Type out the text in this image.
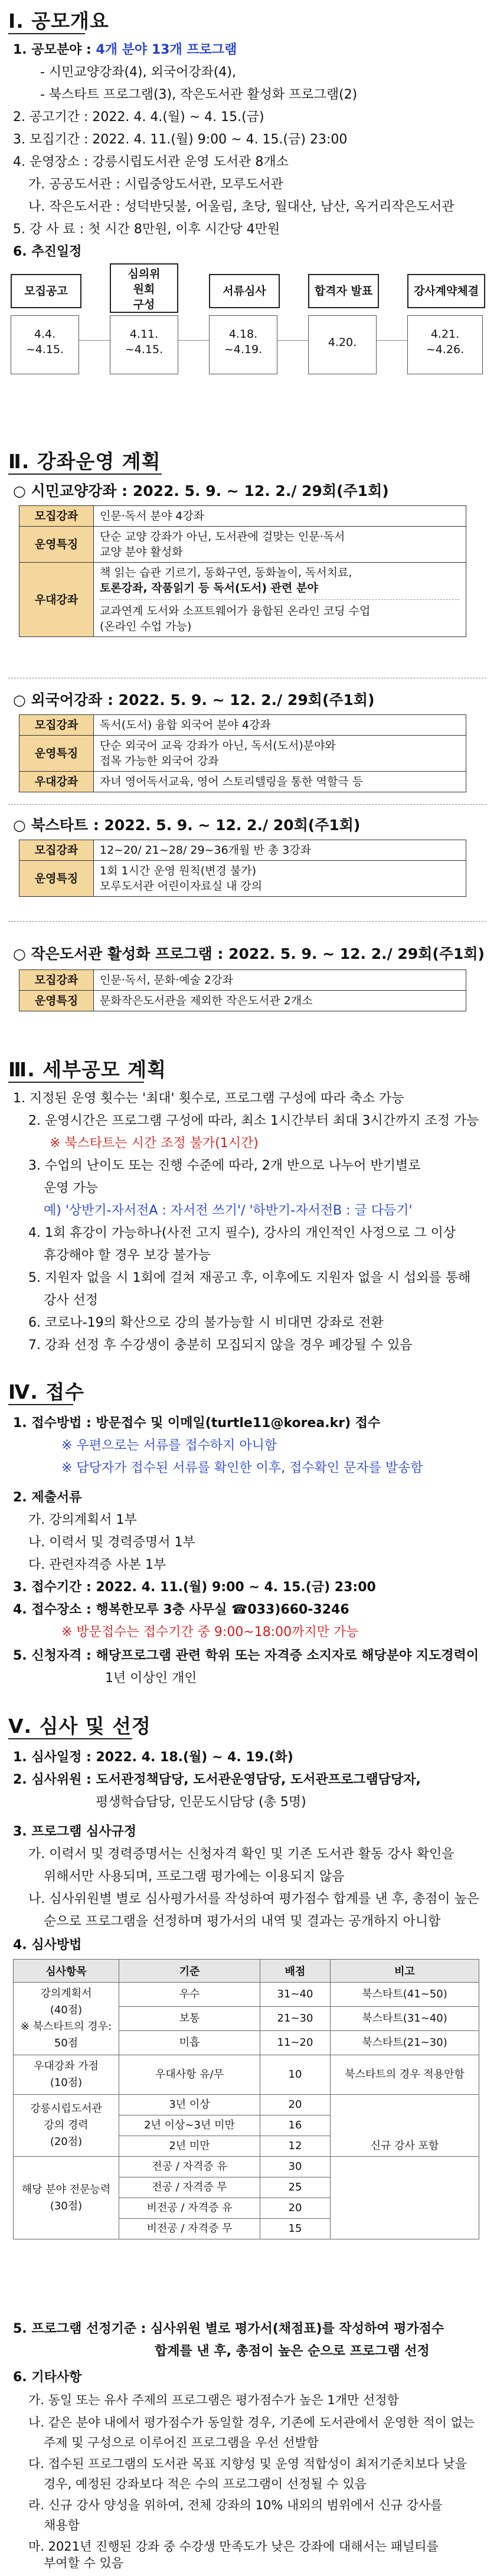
Ⅰ. 공모개요
1. 공모분야 : 4개 분야 13개 프로그램
- 시민교양강좌(4), 외국어강좌(4),
- 북스타트 프로그램(3), 작은도서관 활성화 프로그램(2)
2. 공고기간 : 2022. 4. 4.(월) ~ 4. 15.(금)
3. 모집기간 : 2022. 4. 11.(월) 9:00 ~ 4. 15.(금) 23:00
4. 운영장소 : 강릉시립도서관 운영 도서관 8개소
가. 공공도서관 : 시립중앙도서관, 모루도서관
나. 작은도서관 : 성덕반딧불, 어울림, 초당, 월대산, 남산, 옥거리작은도서관
5. 강 사 료 : 첫 시간 8만원, 이후 시간당 4만원
6. 추진일정
모집공고
4.4.
~4.15.
심의위
원회
구성
4.11.
~4.15.
서류심사
4.18.
~4.19.
합격자 발표
4.20.
강사계약체결
4.21.
~4.26.
Ⅱ. 강좌운영 계획
○ 시민교양강좌 : 2022. 5. 9. ~ 12. 2./ 29회(주1회)
모집강좌	인문·독서 분야 4강좌
운영특징	단순 교양 강좌가 아닌, 도서관에 걸맞는 인문·독서
교양 분야 활성화

우대강좌	책 읽는 습관 기르기, 동화구연, 동화놀이, 독서치료,
토론강좌, 작품읽기 등 독서(도서) 관련 분야
교과연계 도서와 소프트웨어가 융합된 온라인 코딩 수업
(온라인 수업 가능)
○ 외국어강좌 : 2022. 5. 9. ~ 12. 2./ 29회(주1회)
모집강좌	독서(도서) 융합 외국어 분야 4강좌
운영특징	단순 외국어 교육 강좌가 아닌, 독서(도서)분야와
접목 가능한 외국어 강좌

우대강좌	자녀 영어독서교육, 영어 스토리텔링을 통한 역할극 등
○ 북스타트 : 2022. 5. 9. ~ 12. 2./ 20회(주1회)
모집강좌	12~20/ 21~28/ 29~36개월 반 총 3강좌
운영특징	1회 1시간 운영 원칙(변경 불가)
모루도서관 어린이자료실 내 강의
○ 작은도서관 활성화 프로그램 : 2022. 5. 9. ~ 12. 2./ 29회(주1회)
모집강좌	인문·독서, 문화·예술 2강좌
운영특징	문화작은도서관을 제외한 작은도서관 2개소
Ⅲ. 세부공모 계획
1. 지정된 운영 횟수는 '최대' 횟수로, 프로그램 구성에 따라 축소 가능
2. 운영시간은 프로그램 구성에 따라, 최소 1시간부터 최대 3시간까지 조정 가능
※ 북스타트는 시간 조정 불가(1시간)
3. 수업의 난이도 또는 진행 수준에 따라, 2개 반으로 나누어 반기별로
운영 가능
예) '상반기-자서전A : 자서전 쓰기'/ '하반기-자서전B : 글 다듬기'
4. 1회 휴강이 가능하나(사전 고지 필수), 강사의 개인적인 사정으로 그 이상
휴강해야 할 경우 보강 불가능
5. 지원자 없을 시 1회에 걸쳐 재공고 후, 이후에도 지원자 없을 시 섭외를 통해
강사 선정
6. 코로나-19의 확산으로 강의 불가능할 시 비대면 강좌로 전환
7. 강좌 선정 후 수강생이 충분히 모집되지 않을 경우 폐강될 수 있음
Ⅳ. 접수
1. 접수방법 : 방문접수 및 이메일(turtle11@korea.kr) 접수
※ 우편으로는 서류를 접수하지 아니함
※ 담당자가 접수된 서류를 확인한 이후, 접수확인 문자를 발송함
2. 제출서류
가. 강의계획서 1부
나. 이력서 및 경력증명서 1부
다. 관련자격증 사본 1부
3. 접수기간 : 2022. 4. 11.(월) 9:00 ~ 4. 15.(금) 23:00
4. 접수장소 : 행복한모루 3층 사무실 ☎033)660-3246
※ 방문접수는 접수기간 중 9:00~18:00까지만 가능
5. 신청자격 : 해당프로그램 관련 학위 또는 자격증 소지자로 해당분야 지도경력이
1년 이상인 개인
Ⅴ. 심사 및 선정
1. 심사일정 : 2022. 4. 18.(월) ~ 4. 19.(화)
2. 심사위원 : 도서관정책담당, 도서관운영담당, 도서관프로그램담당자,
평생학습담당, 인문도시담당 (총 5명)
3. 프로그램 심사규정
가. 이력서 및 경력증명서는 신청자격 확인 및 기존 도서관 활동 강사 확인을
위해서만 사용되며, 프로그램 평가에는 이용되지 않음
나. 심사위원별 별로 심사평가서를 작성하여 평가점수 합계를 낸 후, 총점이 높은
순으로 프로그램을 선정하며 평가서의 내역 및 결과는 공개하지 아니함
4. 심사방법
심사항목	기준	배점	비고
강의계획서
(40점)
※ 북스타트의 경우: 50점	우수	31~40	북스타트(41~50)
	보통	21~30	북스타트(31~40)
	미흡	11~20	북스타트(21~30)
우대강좌 가점
(10점)	우대사항 유/무	10	북스타트의 경우 적용안함
강릉시립도서관
강의 경력
(20점)	3년 이상	20	신규 강사 포함
	2년 이상~3년 미만	16	
	2년 미만	12	
해당 분야 전문능력
(30점)	전공 / 자격증 유	30	
	전공 / 자격증 무	25	
	비전공 / 자격증 유	20	
	비전공 / 자격증 무	15	
5. 프로그램 선정기준 : 심사위원 별로 평가서(채점표)를 작성하여 평가점수
합계를 낸 후, 총점이 높은 순으로 프로그램 선정
6. 기타사항
가. 동일 또는 유사 주제의 프로그램은 평가점수가 높은 1개만 선정함
나. 같은 분야 내에서 평가점수가 동일할 경우, 기존에 도서관에서 운영한 적이 없는
주제 및 구성으로 이루어진 프로그램을 우선 선발함
다. 접수된 프로그램의 도서관 목표 지향성 및 운영 적합성이 최저기준치보다 낮을
경우, 예정된 강좌보다 적은 수의 프로그램이 선정될 수 있음
라. 신규 강사 양성을 위하여, 전체 강좌의 10% 내외의 범위에서 신규 강사를
채용함
마. 2021년 진행된 강좌 중 수강생 만족도가 낮은 강좌에 대해서는 패널티를
부여할 수 있음
